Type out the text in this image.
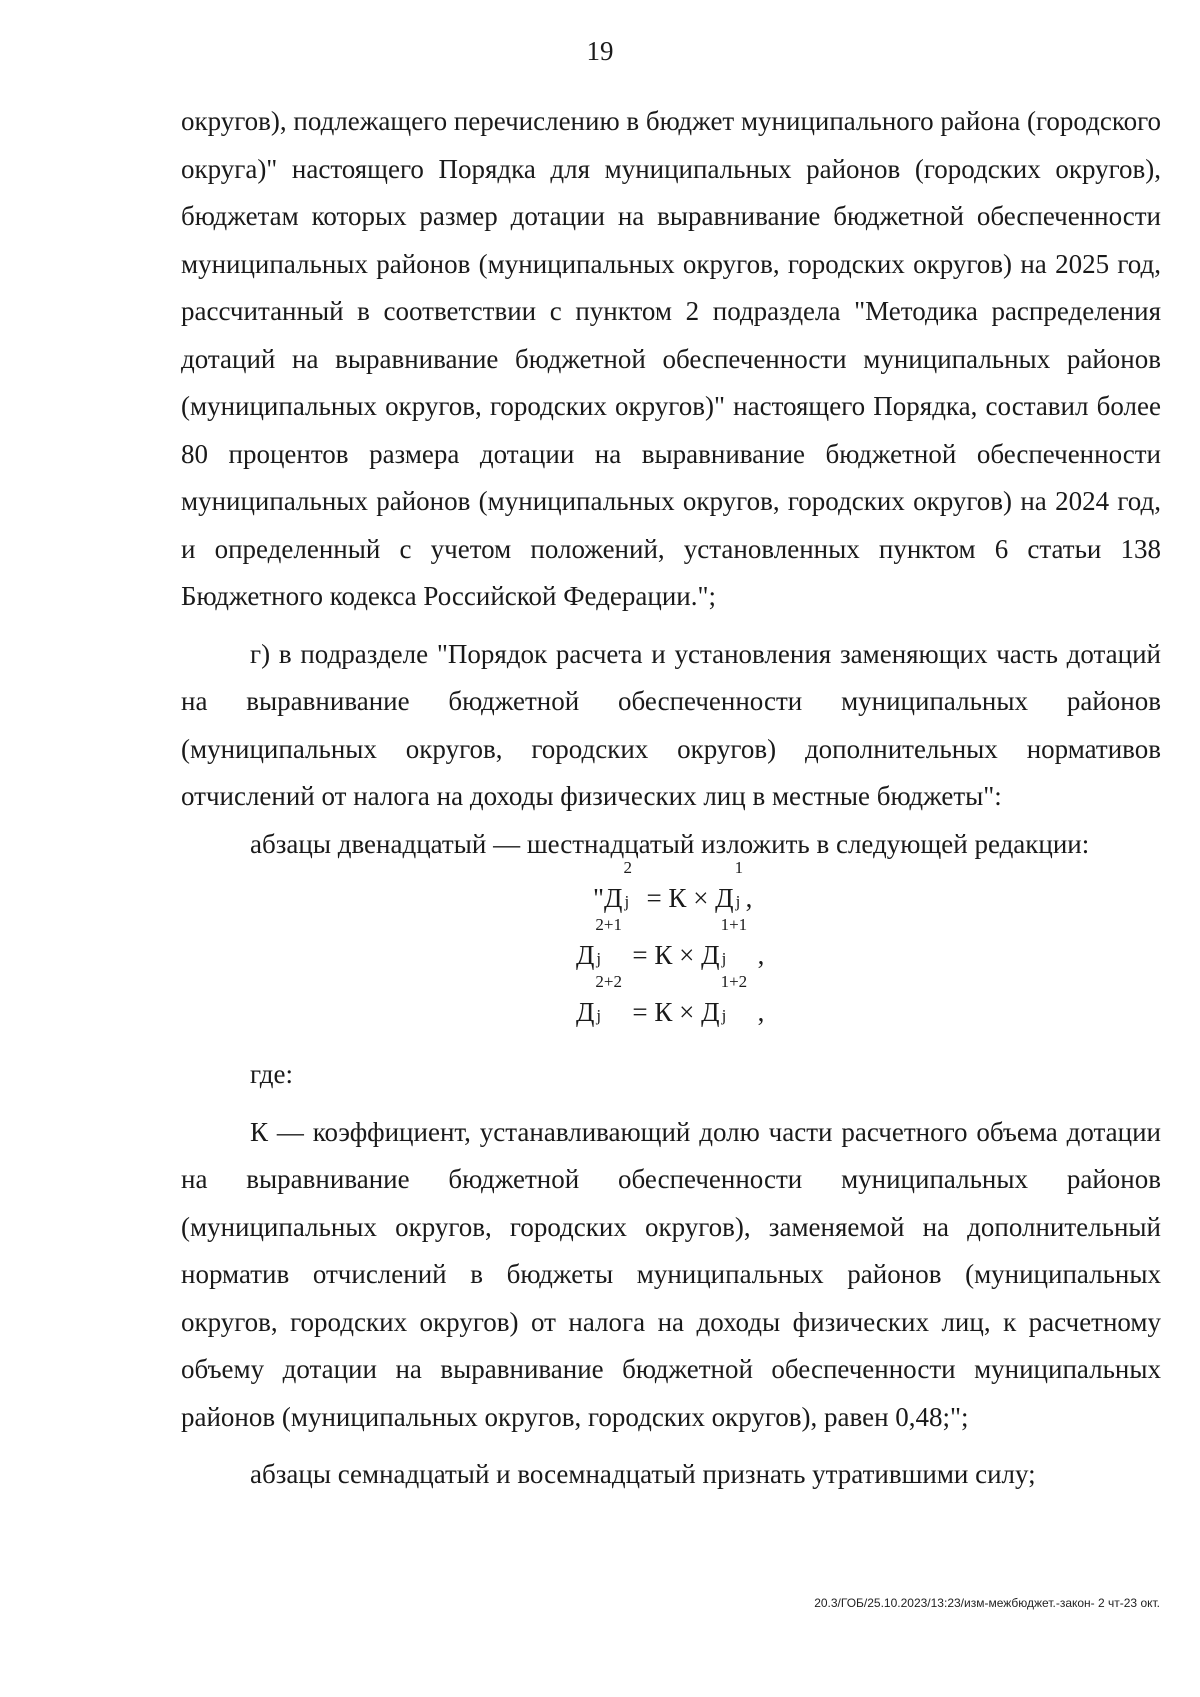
19

округов), подлежащего перечислению в бюджет муниципального района (городского округа)" настоящего Порядка для муниципальных районов (городских округов), бюджетам которых размер дотации на выравнивание бюджетной обеспеченности муниципальных районов (муниципальных округов, городских округов) на 2025 год, рассчитанный в соответствии с пунктом 2 подраздела "Методика распределения дотаций на выравнивание бюджетной обеспеченности муниципальных районов (муниципальных округов, городских округов)" настоящего Порядка, составил более 80 процентов размера дотации на выравнивание бюджетной обеспеченности муниципальных районов (муниципальных округов, городских округов) на 2024 год, и определенный с учетом положений, установленных пунктом 6 статьи 138 Бюджетного кодекса Российской Федерации.";

г) в подразделе "Порядок расчета и установления заменяющих часть дотаций на выравнивание бюджетной обеспеченности муниципальных районов (муниципальных округов, городских округов) дополнительных нормативов отчислений от налога на доходы физических лиц в местные бюджеты":

абзацы двенадцатый — шестнадцатый изложить в следующей редакции:

"Д
2
j = К × Д
1
j ,
Д
2+1
j = К × Д
1+1
j ,
Д
2+2
j = К × Д
1+2
j ,

где:

К — коэффициент, устанавливающий долю части расчетного объема дотации на выравнивание бюджетной обеспеченности муниципальных районов (муниципальных округов, городских округов), заменяемой на дополнительный норматив отчислений в бюджеты муниципальных районов (муниципальных округов, городских округов) от налога на доходы физических лиц, к расчетному объему дотации на выравнивание бюджетной обеспеченности муниципальных районов (муниципальных округов, городских округов), равен 0,48;";

абзацы семнадцатый и восемнадцатый признать утратившими силу;

20.3/ГОБ/25.10.2023/13:23/изм-межбюджет.-закон- 2 чт-23 окт.
